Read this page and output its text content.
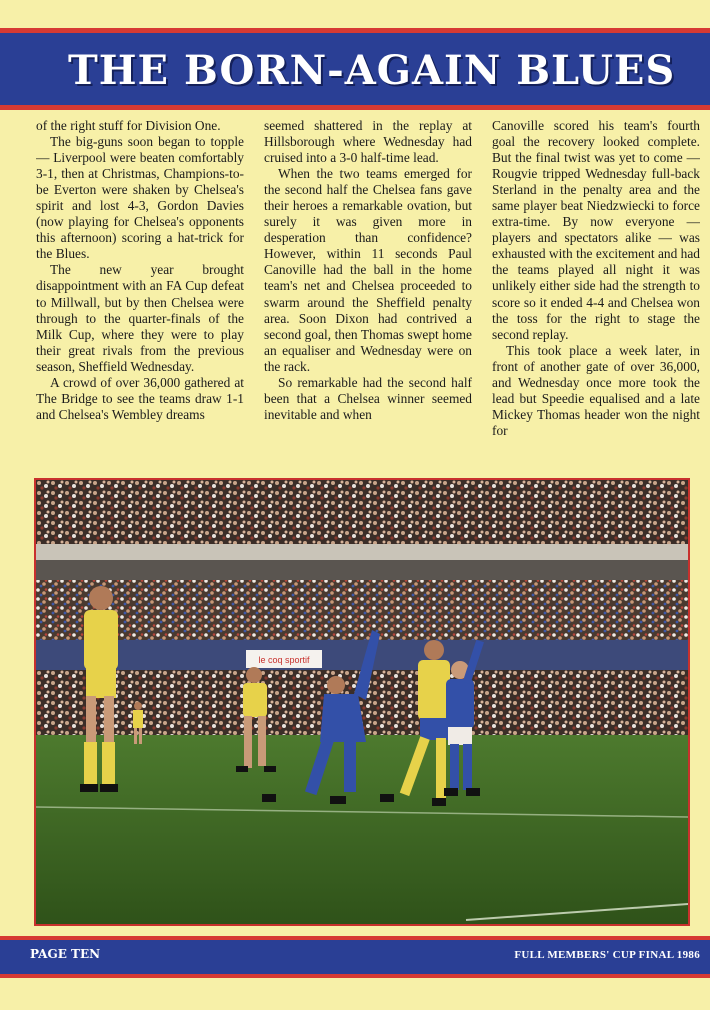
THE BORN-AGAIN BLUES

of the right stuff for Division One.

The big-guns soon began to topple — Liverpool were beaten comfortably 3-1, then at Christmas, Champions-to-be Everton were shaken by Chelsea's spirit and lost 4-3, Gordon Davies (now playing for Chelsea's opponents this afternoon) scoring a hat-trick for the Blues.

The new year brought disappointment with an FA Cup defeat to Millwall, but by then Chelsea were through to the quarter-finals of the Milk Cup, where they were to play their great rivals from the previous season, Sheffield Wednesday.

A crowd of over 36,000 gathered at The Bridge to see the teams draw 1-1 and Chelsea's Wembley dreams

seemed shattered in the replay at Hillsborough where Wednesday had cruised into a 3-0 half-time lead.

When the two teams emerged for the second half the Chelsea fans gave their heroes a remarkable ovation, but surely it was given more in desperation than confidence? However, within 11 seconds Paul Canoville had the ball in the home team's net and Chelsea proceeded to swarm around the Sheffield penalty area. Soon Dixon had contrived a second goal, then Thomas swept home an equaliser and Wednesday were on the rack.

So remarkable had the second half been that a Chelsea winner seemed inevitable and when

Canoville scored his team's fourth goal the recovery looked complete. But the final twist was yet to come — Rougvie tripped Wednesday full-back Sterland in the penalty area and the same player beat Niedzwiecki to force extra-time. By now everyone — players and spectators alike — was exhausted with the excitement and had the teams played all night it was unlikely either side had the strength to score so it ended 4-4 and Chelsea won the toss for the right to stage the second replay.

This took place a week later, in front of another gate of over 36,000, and Wednesday once more took the lead but Speedie equalised and a late Mickey Thomas header won the night for

le coq sportif
PAGE TEN	FULL MEMBERS' CUP FINAL 1986
